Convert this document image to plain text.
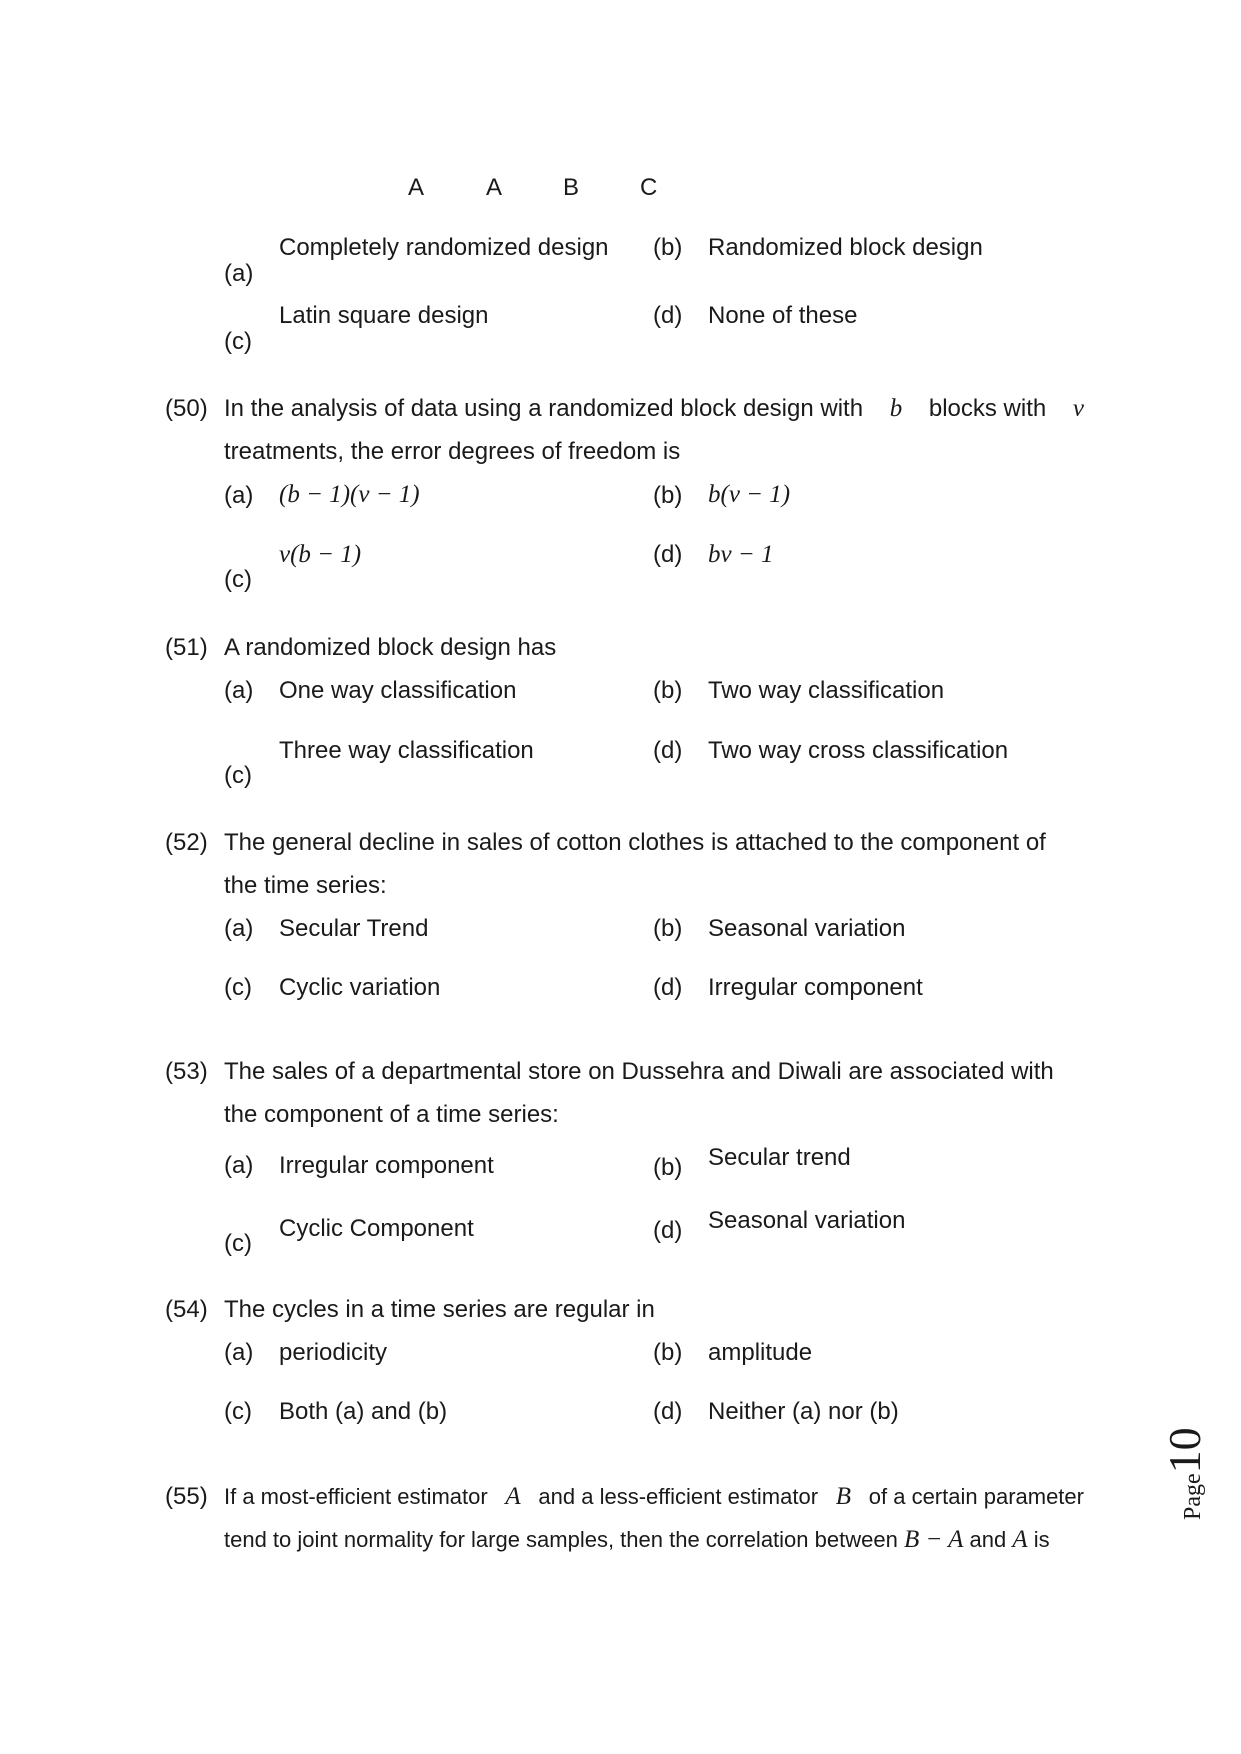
A	A	B	C
(a)
Completely randomized design (b) Randomized block design
(c)
Latin square design	(d) None of these
(50) In the analysis of data using a randomized block design with b blocks with ν
treatments, the error degrees of freedom is
(a) (b − 1)(ν − 1)	(b) b(ν − 1)
(c)
ν(b − 1)	(d) bν − 1
(51) A randomized block design has
(a) One way classification	(b) Two way classification
(c)
Three way classification	(d) Two way cross classification
(52) The general decline in sales of cotton clothes is attached to the component of
the time series:
(a) Secular Trend	(b) Seasonal variation
(c) Cyclic variation	(d) Irregular component
(53) The sales of a departmental store on Dussehra and Diwali are associated with
the component of a time series:
(a) Irregular component	(b) Secular trend
(c)
Cyclic Component	(d) Seasonal variation
(54) The cycles in a time series are regular in
(a) periodicity	(b) amplitude
(c) Both (a) and (b)	(d) Neither (a) nor (b)
(55) If a most-efficient estimator A and a less-efficient estimator B of a certain parameter
tend to joint normality for large samples, then the correlation between B − A and A is
Page10
